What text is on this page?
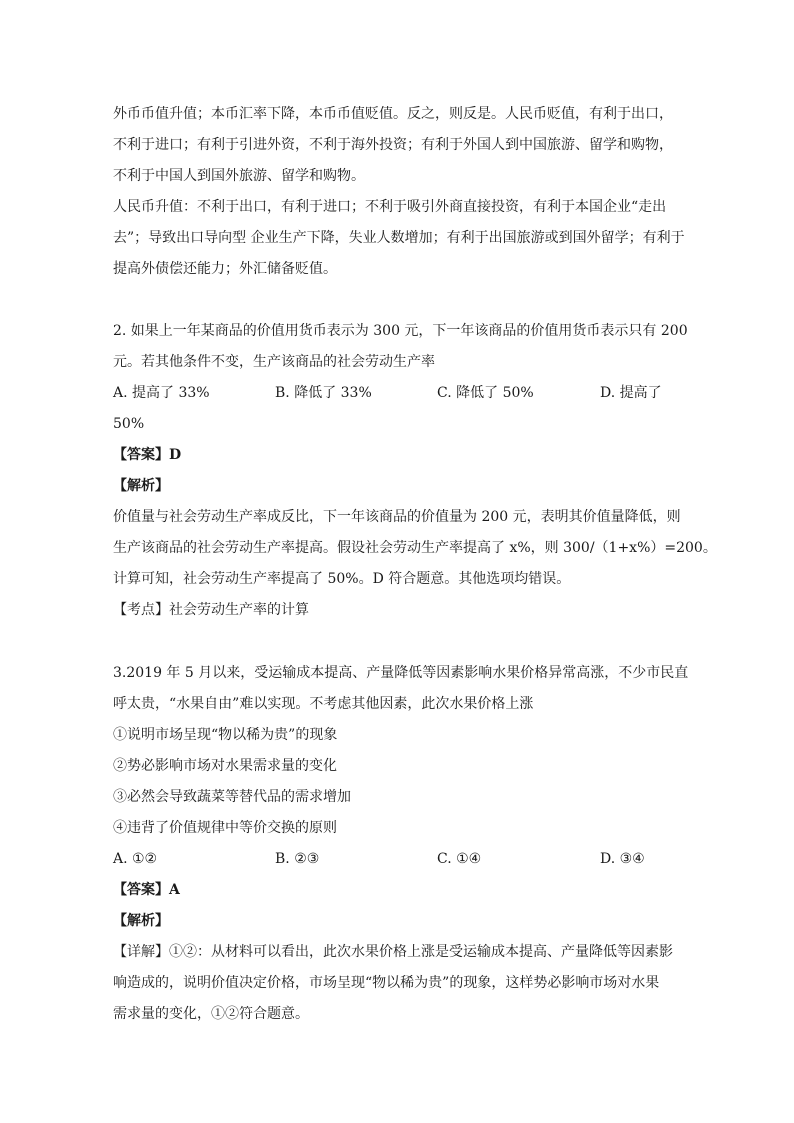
外币币值升值；本币汇率下降，本币币值贬值。反之，则反是。人民币贬值，有利于出口，
不利于进口；有利于引进外资，不利于海外投资；有利于外国人到中国旅游、留学和购物，
不利于中国人到国外旅游、留学和购物。
人民币升值：不利于出口，有利于进口；不利于吸引外商直接投资，有利于本国企业“走出
去”；导致出口导向型 企业生产下降，失业人数增加；有利于出国旅游或到国外留学；有利于
提高外债偿还能力；外汇储备贬值。
2. 如果上一年某商品的价值用货币表示为 300 元，下一年该商品的价值用货币表示只有 200
元。若其他条件不变，生产该商品的社会劳动生产率
A. 提高了 33%	B. 降低了 33%	C. 降低了 50%	D. 提高了
50%
【答案】D
【解析】
价值量与社会劳动生产率成反比，下一年该商品的价值量为 200 元，表明其价值量降低，则
生产该商品的社会劳动生产率提高。假设社会劳动生产率提高了 x%，则 300/（1+x%）=200。
计算可知，社会劳动生产率提高了 50%。D 符合题意。其他选项均错误。
【考点】社会劳动生产率的计算
3.2019 年 5 月以来，受运输成本提高、产量降低等因素影响水果价格异常高涨，不少市民直
呼太贵，“水果自由”难以实现。不考虑其他因素，此次水果价格上涨
①说明市场呈现“物以稀为贵”的现象
②势必影响市场对水果需求量的变化
③必然会导致蔬菜等替代品的需求增加
④违背了价值规律中等价交换的原则
A. ①②	B. ②③	C. ①④	D. ③④
【答案】A
【解析】
【详解】①②：从材料可以看出，此次水果价格上涨是受运输成本提高、产量降低等因素影
响造成的，说明价值决定价格，市场呈现“物以稀为贵”的现象，这样势必影响市场对水果
需求量的变化，①②符合题意。
